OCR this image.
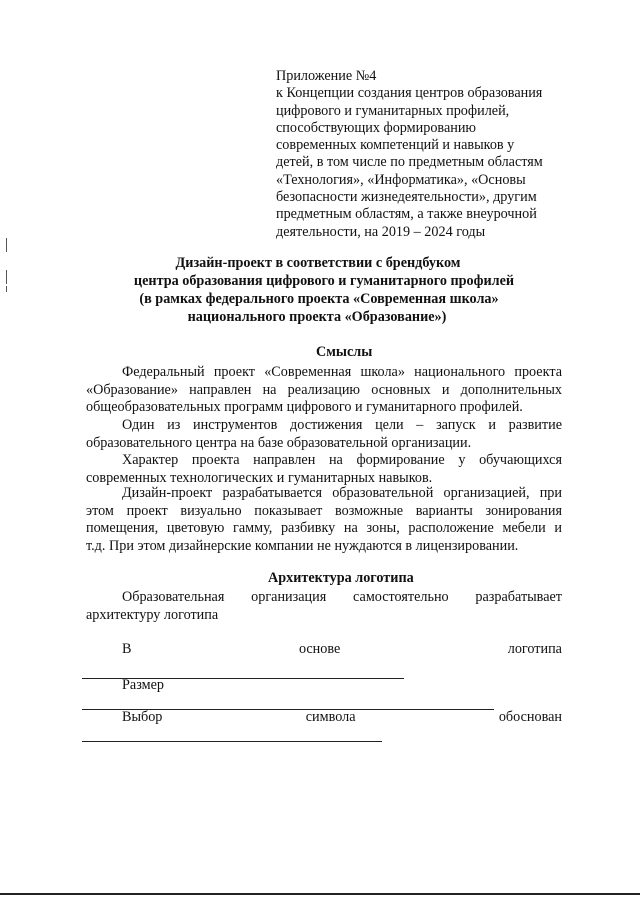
Приложение №4
к Концепции создания центров образования
цифрового и гуманитарных профилей,
способствующих формированию
современных компетенций и навыков у
детей, в том числе по предметным областям
«Технология», «Информатика», «Основы
безопасности жизнедеятельности», другим
предметным областям, а также внеурочной
деятельности, на 2019 – 2024 годы
Дизайн-проект в соответствии с брендбуком
центра образования цифрового и гуманитарного профилей
(в рамках федерального проекта «Современная школа»
национального проекта «Образование»)
Смыслы
Федеральный проект «Современная школа» национального проекта
«Образование» направлен на реализацию основных и дополнительных
общеобразовательных программ цифрового и гуманитарного профилей.
Один из инструментов достижения цели – запуск и развитие
образовательного центра на базе образовательной организации.
Характер проекта направлен на формирование у обучающихся
современных технологических и гуманитарных навыков.
Дизайн-проект разрабатывается образовательной организацией, при
этом проект визуально показывает возможные варианты зонирования
помещения, цветовую гамму, разбивку на зоны, расположение мебели и
т.д. При этом дизайнерские компании не нуждаются в лицензировании.
Архитектура логотипа
Образовательная организация самостоятельно разрабатывает
архитектуру логотипа
В	основе	логотипа
Размер
Выбор	символа	обоснован
